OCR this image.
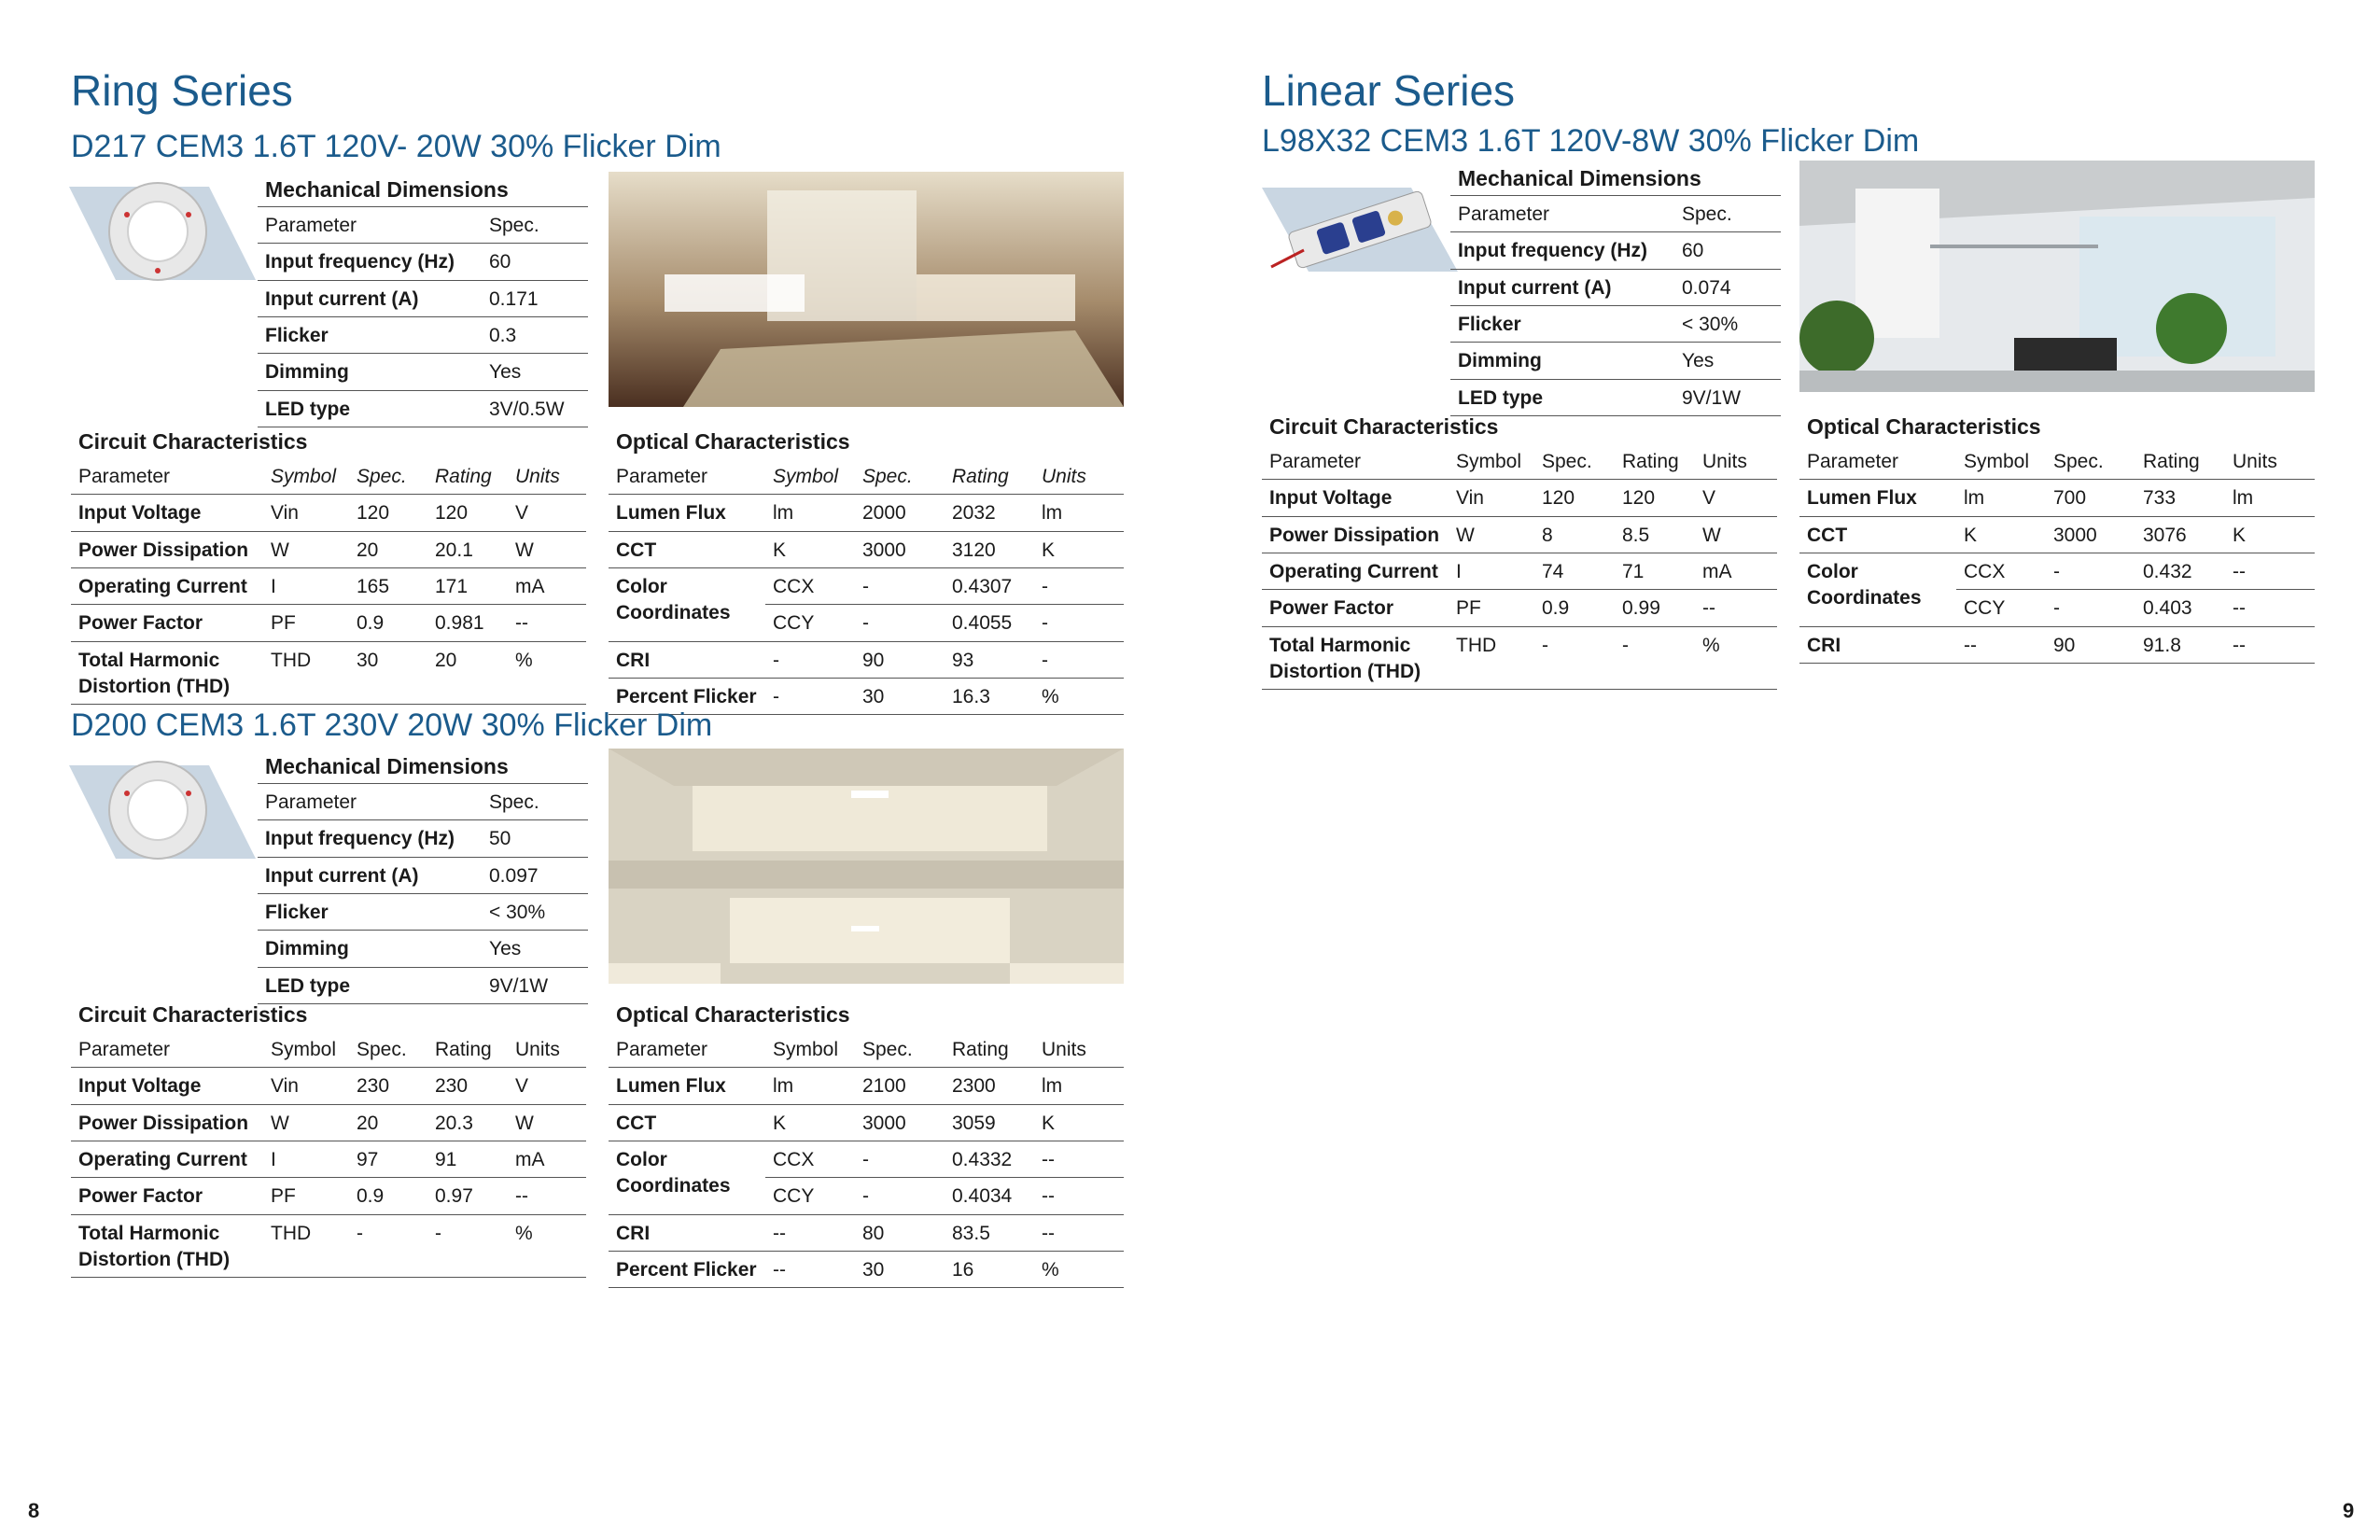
Ring Series
D217 CEM3 1.6T 120V- 20W 30% Flicker Dim
Mechanical Dimensions
Parameter	Spec.
Input frequency (Hz)	60
Input current (A)	0.171
Flicker	0.3
Dimming	Yes
LED type	3V/0.5W
Circuit Characteristics
Parameter	Symbol	Spec.	Rating	Units
Input Voltage	Vin	120	120	V
Power Dissipation	W	20	20.1	W
Operating Current	I	165	171	mA
Power Factor	PF	0.9	0.981	--
Total Harmonic Distortion (THD)	THD	30	20	%
Optical Characteristics
Parameter	Symbol	Spec.	Rating	Units
Lumen Flux	lm	2000	2032	lm
CCT	K	3000	3120	K
Color Coordinates	CCX	-	0.4307	-
	CCY	-	0.4055	-
CRI	-	90	93	-
Percent Flicker	-	30	16.3	%
D200 CEM3 1.6T 230V 20W 30% Flicker Dim
Mechanical Dimensions
Parameter	Spec.
Input frequency (Hz)	50
Input current (A)	0.097
Flicker	< 30%
Dimming	Yes
LED type	9V/1W
Circuit Characteristics
Parameter	Symbol	Spec.	Rating	Units
Input Voltage	Vin	230	230	V
Power Dissipation	W	20	20.3	W
Operating Current	I	97	91	mA
Power Factor	PF	0.9	0.97	--
Total Harmonic Distortion (THD)	THD	-	-	%
Optical Characteristics
Parameter	Symbol	Spec.	Rating	Units
Lumen Flux	lm	2100	2300	lm
CCT	K	3000	3059	K
Color Coordinates	CCX	-	0.4332	--
	CCY	-	0.4034	--
CRI	--	80	83.5	--
Percent Flicker	--	30	16	%
8
Linear Series
L98X32 CEM3 1.6T 120V-8W 30% Flicker Dim
Mechanical Dimensions
Parameter	Spec.
Input frequency (Hz)	60
Input current (A)	0.074
Flicker	< 30%
Dimming	Yes
LED type	9V/1W
Circuit Characteristics
Parameter	Symbol	Spec.	Rating	Units
Input Voltage	Vin	120	120	V
Power Dissipation	W	8	8.5	W
Operating Current	I	74	71	mA
Power Factor	PF	0.9	0.99	--
Total Harmonic Distortion (THD)	THD	-	-	%
Optical Characteristics
Parameter	Symbol	Spec.	Rating	Units
Lumen Flux	lm	700	733	lm
CCT	K	3000	3076	K
Color Coordinates	CCX	-	0.432	--
	CCY	-	0.403	--
CRI	--	90	91.8	--
9
